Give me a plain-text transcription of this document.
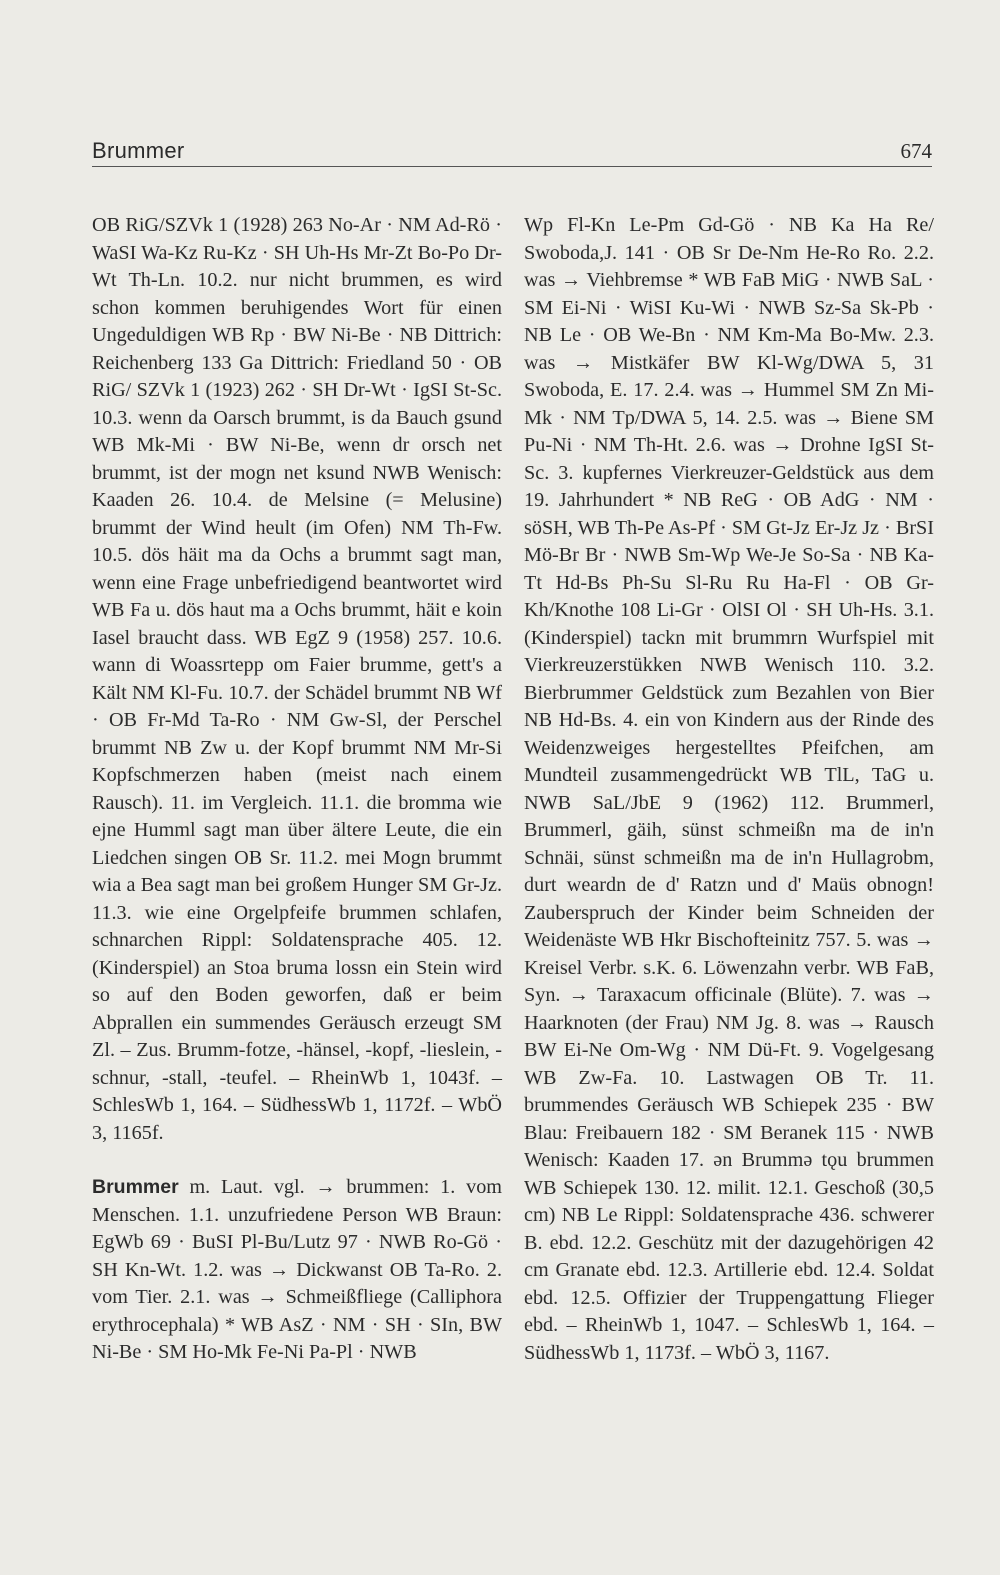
Brummer	674

OB RiG/SZVk 1 (1928) 263 No-Ar · NM Ad-Rö · WaSI Wa-Kz Ru-Kz · SH Uh-Hs Mr-Zt Bo-Po Dr-Wt Th-Ln. 10.2. nur nicht brummen, es wird schon kommen beruhigendes Wort für einen Ungeduldigen WB Rp · BW Ni-Be · NB Dittrich: Reichenberg 133 Ga Dittrich: Friedland 50 · OB RiG/ SZVk 1 (1923) 262 · SH Dr-Wt · IgSI St-Sc. 10.3. wenn da Oarsch brummt, is da Bauch gsund WB Mk-Mi · BW Ni-Be, wenn dr orsch net brummt, ist der mogn net ksund NWB Wenisch: Kaaden 26. 10.4. de Melsine (= Melusine) brummt der Wind heult (im Ofen) NM Th-Fw. 10.5. dös häit ma da Ochs a brummt sagt man, wenn eine Frage unbefriedigend beantwortet wird WB Fa u. dös haut ma a Ochs brummt, häit e koin Iasel braucht dass. WB EgZ 9 (1958) 257. 10.6. wann di Woassrtepp om Faier brumme, gett's a Kält NM Kl-Fu. 10.7. der Schädel brummt NB Wf · OB Fr-Md Ta-Ro · NM Gw-Sl, der Perschel brummt NB Zw u. der Kopf brummt NM Mr-Si Kopfschmerzen haben (meist nach einem Rausch). 11. im Vergleich. 11.1. die bromma wie ejne Humml sagt man über ältere Leute, die ein Liedchen singen OB Sr. 11.2. mei Mogn brummt wia a Bea sagt man bei großem Hunger SM Gr-Jz. 11.3. wie eine Orgelpfeife brummen schlafen, schnarchen Rippl: Soldatensprache 405. 12. (Kinderspiel) an Stoa bruma lossn ein Stein wird so auf den Boden geworfen, daß er beim Abprallen ein summendes Geräusch erzeugt SM Zl. – Zus. Brumm-fotze, -hänsel, -kopf, -lieslein, -schnur, -stall, -teufel. – RheinWb 1, 1043f. – SchlesWb 1, 164. – SüdhessWb 1, 1172f. – WbÖ 3, 1165f.

Brummer m. Laut. vgl. → brummen: 1. vom Menschen. 1.1. unzufriedene Person WB Braun: EgWb 69 · BuSI Pl-Bu/Lutz 97 · NWB Ro-Gö · SH Kn-Wt. 1.2. was → Dickwanst OB Ta-Ro. 2. vom Tier. 2.1. was → Schmeißfliege (Calliphora erythrocephala) * WB AsZ · NM · SH · SIn, BW Ni-Be · SM Ho-Mk Fe-Ni Pa-Pl · NWB

Wp Fl-Kn Le-Pm Gd-Gö · NB Ka Ha Re/ Swoboda,J. 141 · OB Sr De-Nm He-Ro Ro. 2.2. was → Viehbremse * WB FaB MiG · NWB SaL · SM Ei-Ni · WiSI Ku-Wi · NWB Sz-Sa Sk-Pb · NB Le · OB We-Bn · NM Km-Ma Bo-Mw. 2.3. was → Mistkäfer BW Kl-Wg/DWA 5, 31 Swoboda, E. 17. 2.4. was → Hummel SM Zn Mi-Mk · NM Tp/DWA 5, 14. 2.5. was → Biene SM Pu-Ni · NM Th-Ht. 2.6. was → Drohne IgSI St-Sc. 3. kupfernes Vierkreuzer-Geldstück aus dem 19. Jahrhundert * NB ReG · OB AdG · NM · söSH, WB Th-Pe As-Pf · SM Gt-Jz Er-Jz Jz · BrSI Mö-Br Br · NWB Sm-Wp We-Je So-Sa · NB Ka-Tt Hd-Bs Ph-Su Sl-Ru Ru Ha-Fl · OB Gr-Kh/Knothe 108 Li-Gr · OlSI Ol · SH Uh-Hs. 3.1. (Kinderspiel) tackn mit brummrn Wurfspiel mit Vierkreuzerstükken NWB Wenisch 110. 3.2. Bierbrummer Geldstück zum Bezahlen von Bier NB Hd-Bs. 4. ein von Kindern aus der Rinde des Weidenzweiges hergestelltes Pfeifchen, am Mundteil zusammengedrückt WB TlL, TaG u. NWB SaL/JbE 9 (1962) 112. Brummerl, Brummerl, gäih, sünst schmeißn ma de in'n Schnäi, sünst schmeißn ma de in'n Hullagrobm, durt weardn de d' Ratzn und d' Maüs obnogn! Zauberspruch der Kinder beim Schneiden der Weidenäste WB Hkr Bischofteinitz 757. 5. was → Kreisel Verbr. s.K. 6. Löwenzahn verbr. WB FaB, Syn. → Taraxacum officinale (Blüte). 7. was → Haarknoten (der Frau) NM Jg. 8. was → Rausch BW Ei-Ne Om-Wg · NM Dü-Ft. 9. Vogelgesang WB Zw-Fa. 10. Lastwagen OB Tr. 11. brummendes Geräusch WB Schiepek 235 · BW Blau: Freibauern 182 · SM Beranek 115 · NWB Wenisch: Kaaden 17. ən Brummə tǫu brummen WB Schiepek 130. 12. milit. 12.1. Geschoß (30,5 cm) NB Le Rippl: Soldatensprache 436. schwerer B. ebd. 12.2. Geschütz mit der dazugehörigen 42 cm Granate ebd. 12.3. Artillerie ebd. 12.4. Soldat ebd. 12.5. Offizier der Truppengattung Flieger ebd. – RheinWb 1, 1047. – SchlesWb 1, 164. – SüdhessWb 1, 1173f. – WbÖ 3, 1167.
